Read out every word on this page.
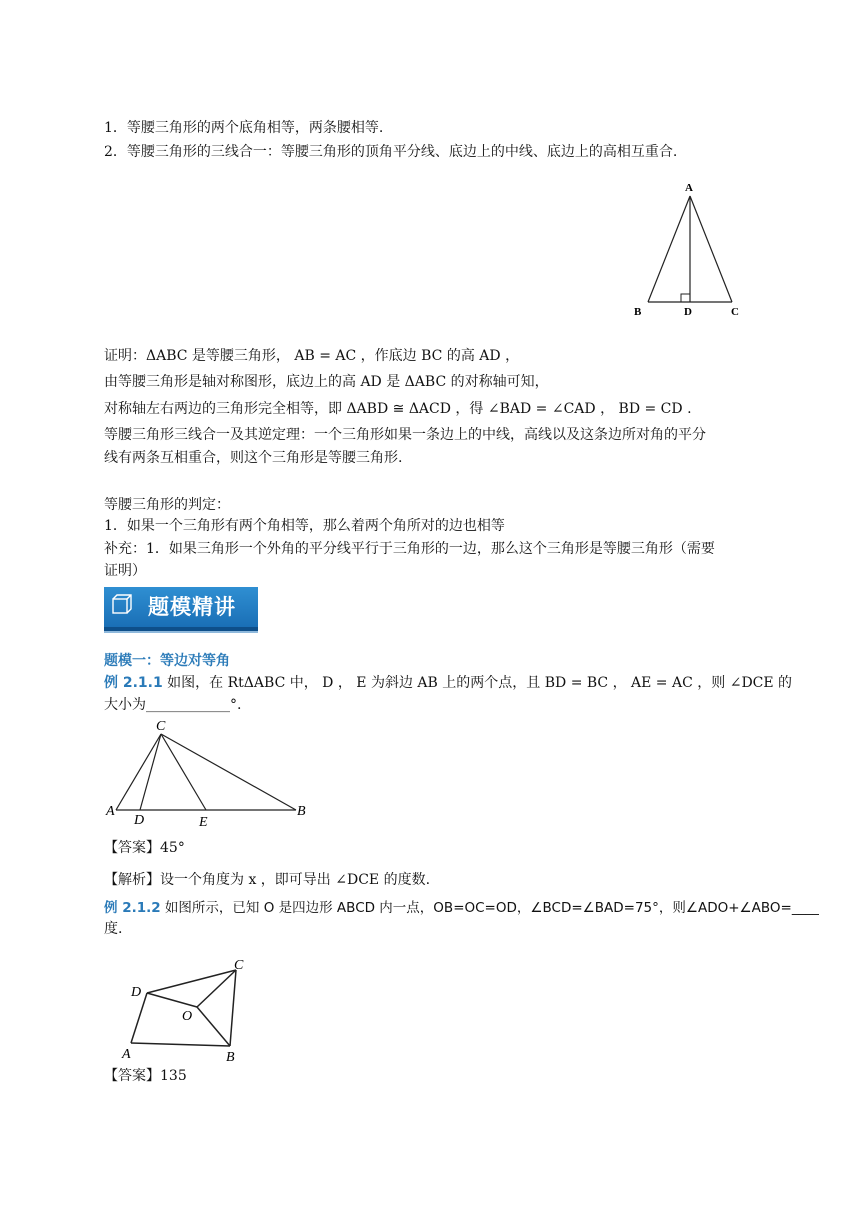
1．等腰三角形的两个底角相等，两条腰相等.
2．等腰三角形的三线合一：等腰三角形的顶角平分线、底边上的中线、底边上的高相互重合.
A
B	D	C
证明：ΔABC 是等腰三角形， AB = AC ，作底边 BC 的高 AD ，
由等腰三角形是轴对称图形，底边上的高 AD 是 ΔABC 的对称轴可知，
对称轴左右两边的三角形完全相等，即 ΔABD ≅ ΔACD ，得 ∠BAD = ∠CAD ， BD = CD .
等腰三角形三线合一及其逆定理：一个三角形如果一条边上的中线，高线以及这条边所对角的平分
线有两条互相重合，则这个三角形是等腰三角形.
等腰三角形的判定：
1．如果一个三角形有两个角相等，那么着两个角所对的边也相等
补充：1．如果三角形一个外角的平分线平行于三角形的一边，那么这个三角形是等腰三角形（需要
证明）
题模精讲
题模一：等边对等角
例 2.1.1 如图，在 RtΔABC 中， D ， E 为斜边 AB 上的两个点，且 BD = BC ， AE = AC ，则 ∠DCE 的
大小为____________°.
C
A
D	E
B
【答案】45°
【解析】设一个角度为 x ，即可导出 ∠DCE 的度数.
例 2.1.2 如图所示，已知 O 是四边形 ABCD 内一点，OB=OC=OD，∠BCD=∠BAD=75°，则∠ADO+∠ABO=____
度.
D
C
O
A	B
【答案】135
